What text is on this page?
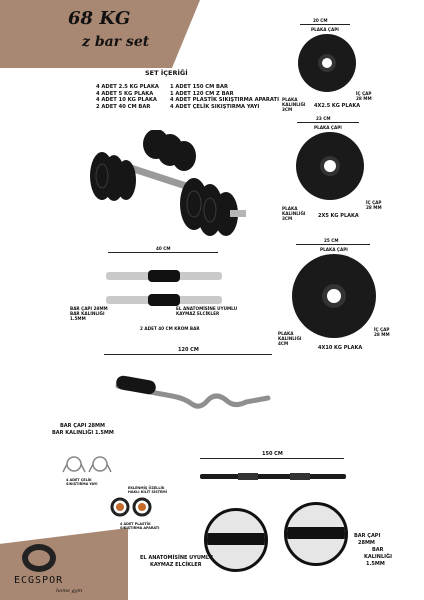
68 KG
z bar set
SET İÇERİĞİ
4 ADET 2.5 KG PLAKA
4 ADET 5 KG PLAKA
4 ADET 10 KG PLAKA
2 ADET 40 CM BAR
1 ADET 150 CM BAR
1 ADET 120 CM Z BAR
4 ADET PLASTİK SIKIŞTIRMA APARATI
4 ADET ÇELİK SIKIŞTIRMA YAYI
20 CM
PLAKA ÇAPI
PLAKA KALINLIĞI 3CM
İÇ ÇAP 28 MM
4X2.5 KG PLAKA
23 CM
PLAKA ÇAPI
PLAKA KALINLIĞI 3CM
İÇ ÇAP 28 MM
2X5 KG PLAKA
25 CM
PLAKA ÇAPI
PLAKA KALINLIĞI 4CM
İÇ ÇAP 28 MM
4X10 KG PLAKA
40 CM
BAR ÇAPI 28MM BAR KALINLIĞI 1.5MM
EL ANATOMİSİNE UYUMLU KAYMAZ ELCİKLER
2 ADET 40 CM KROM BAR
120 CM
BAR ÇAPI 28MM
BAR KALINLIĞI 1.5MM
150 CM
EL ANATOMİSİNE UYUMLU
KAYMAZ ELCİKLER
BAR ÇAPI
28MM
BAR
KALINLIĞI
1.5MM
4 ADET ÇELİK SIKIŞTIRMA YAYI
EKLENMİŞ ÖZELLİK HAKLI KİLİT SİSTEMİ
4 ADET PLASTİK SIKIŞTIRMA APARATI
ECGSPOR
home gym
